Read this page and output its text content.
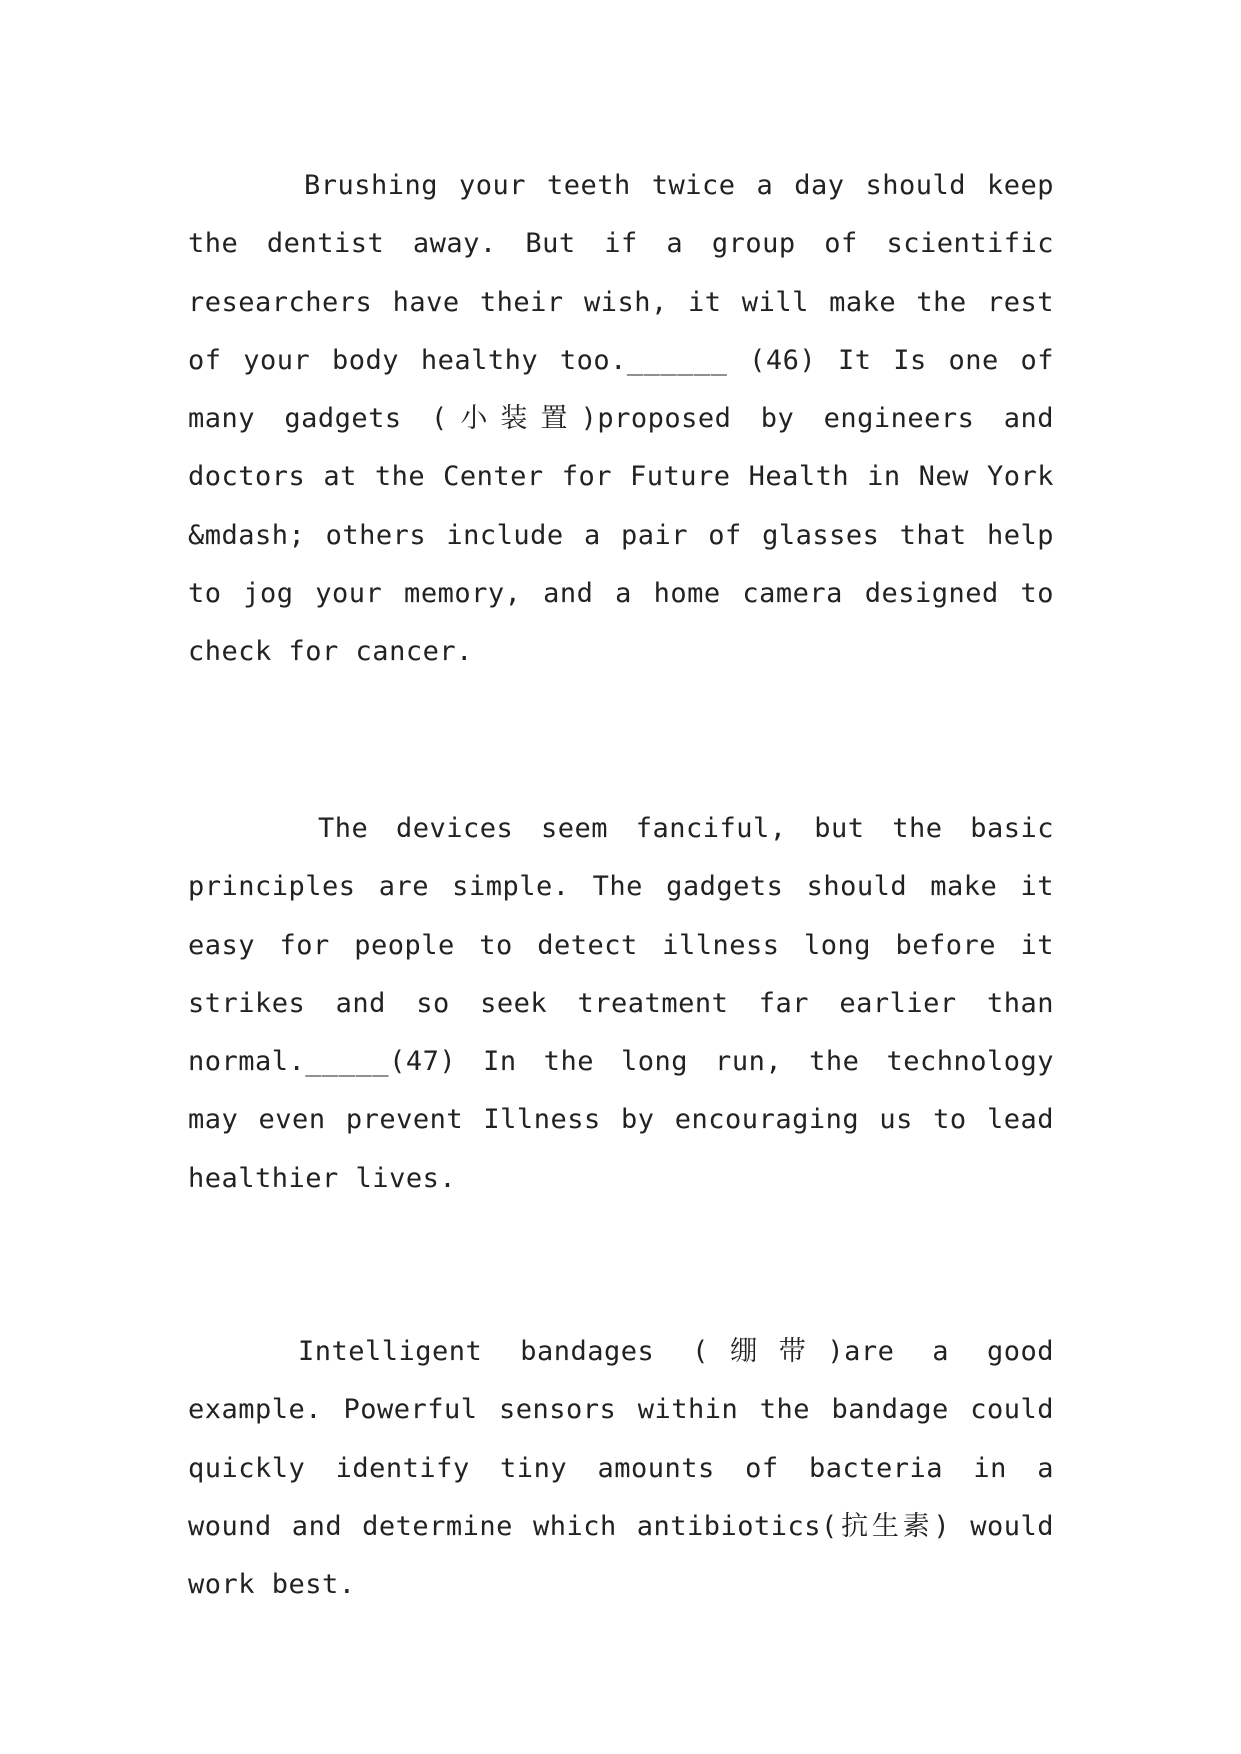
Brushing your teeth twice a day should keep the dentist away. But if a group of scientific researchers have their wish, it will make the rest of your body healthy too.______ (46) It Is one of many gadgets (小装置)proposed by engineers and doctors at the Center for Future Health in New York &mdash; others include a pair of glasses that help to jog your memory, and a home camera designed to check for cancer.

The devices seem fanciful, but the basic principles are simple. The gadgets should make it easy for people to detect illness long before it strikes and so seek treatment far earlier than normal._____(47) In the long run, the technology may even prevent Illness by encouraging us to lead healthier lives.

Intelligent bandages (绷带)are a good example. Powerful sensors within the bandage could quickly identify tiny amounts of bacteria in a wound and determine which antibiotics(抗生素) would work best.
